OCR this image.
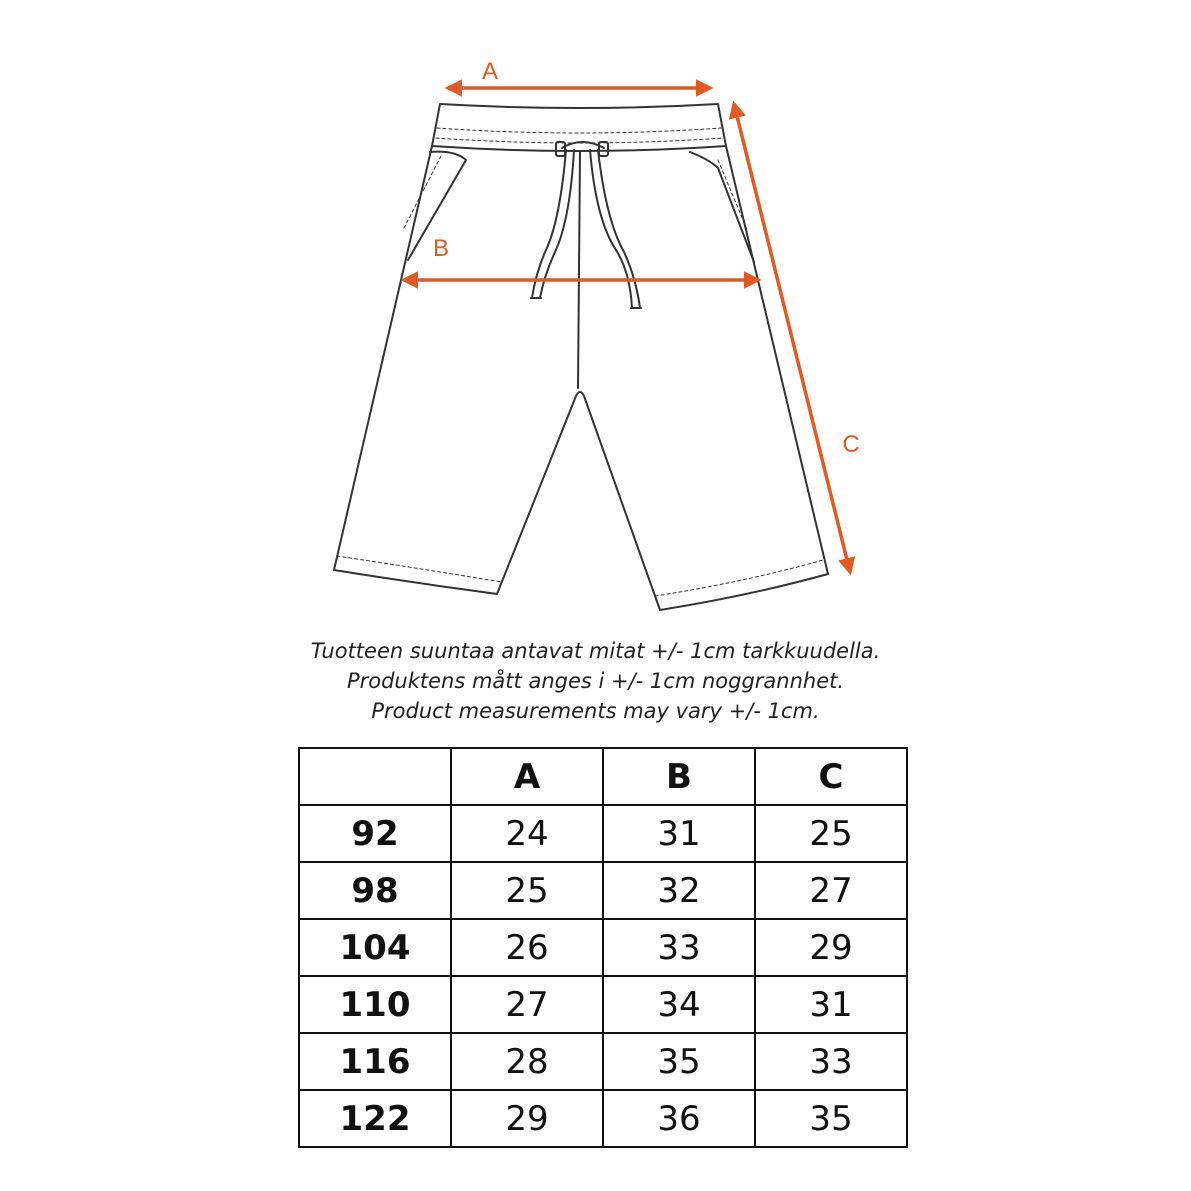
A
B
C
Tuotteen suuntaa antavat mitat +/- 1cm tarkkuudella.
Produktens mått anges i +/- 1cm noggrannhet.
Product measurements may vary +/- 1cm.
	A	B	C
92	24	31	25
98	25	32	27
104	26	33	29
110	27	34	31
116	28	35	33
122	29	36	35
